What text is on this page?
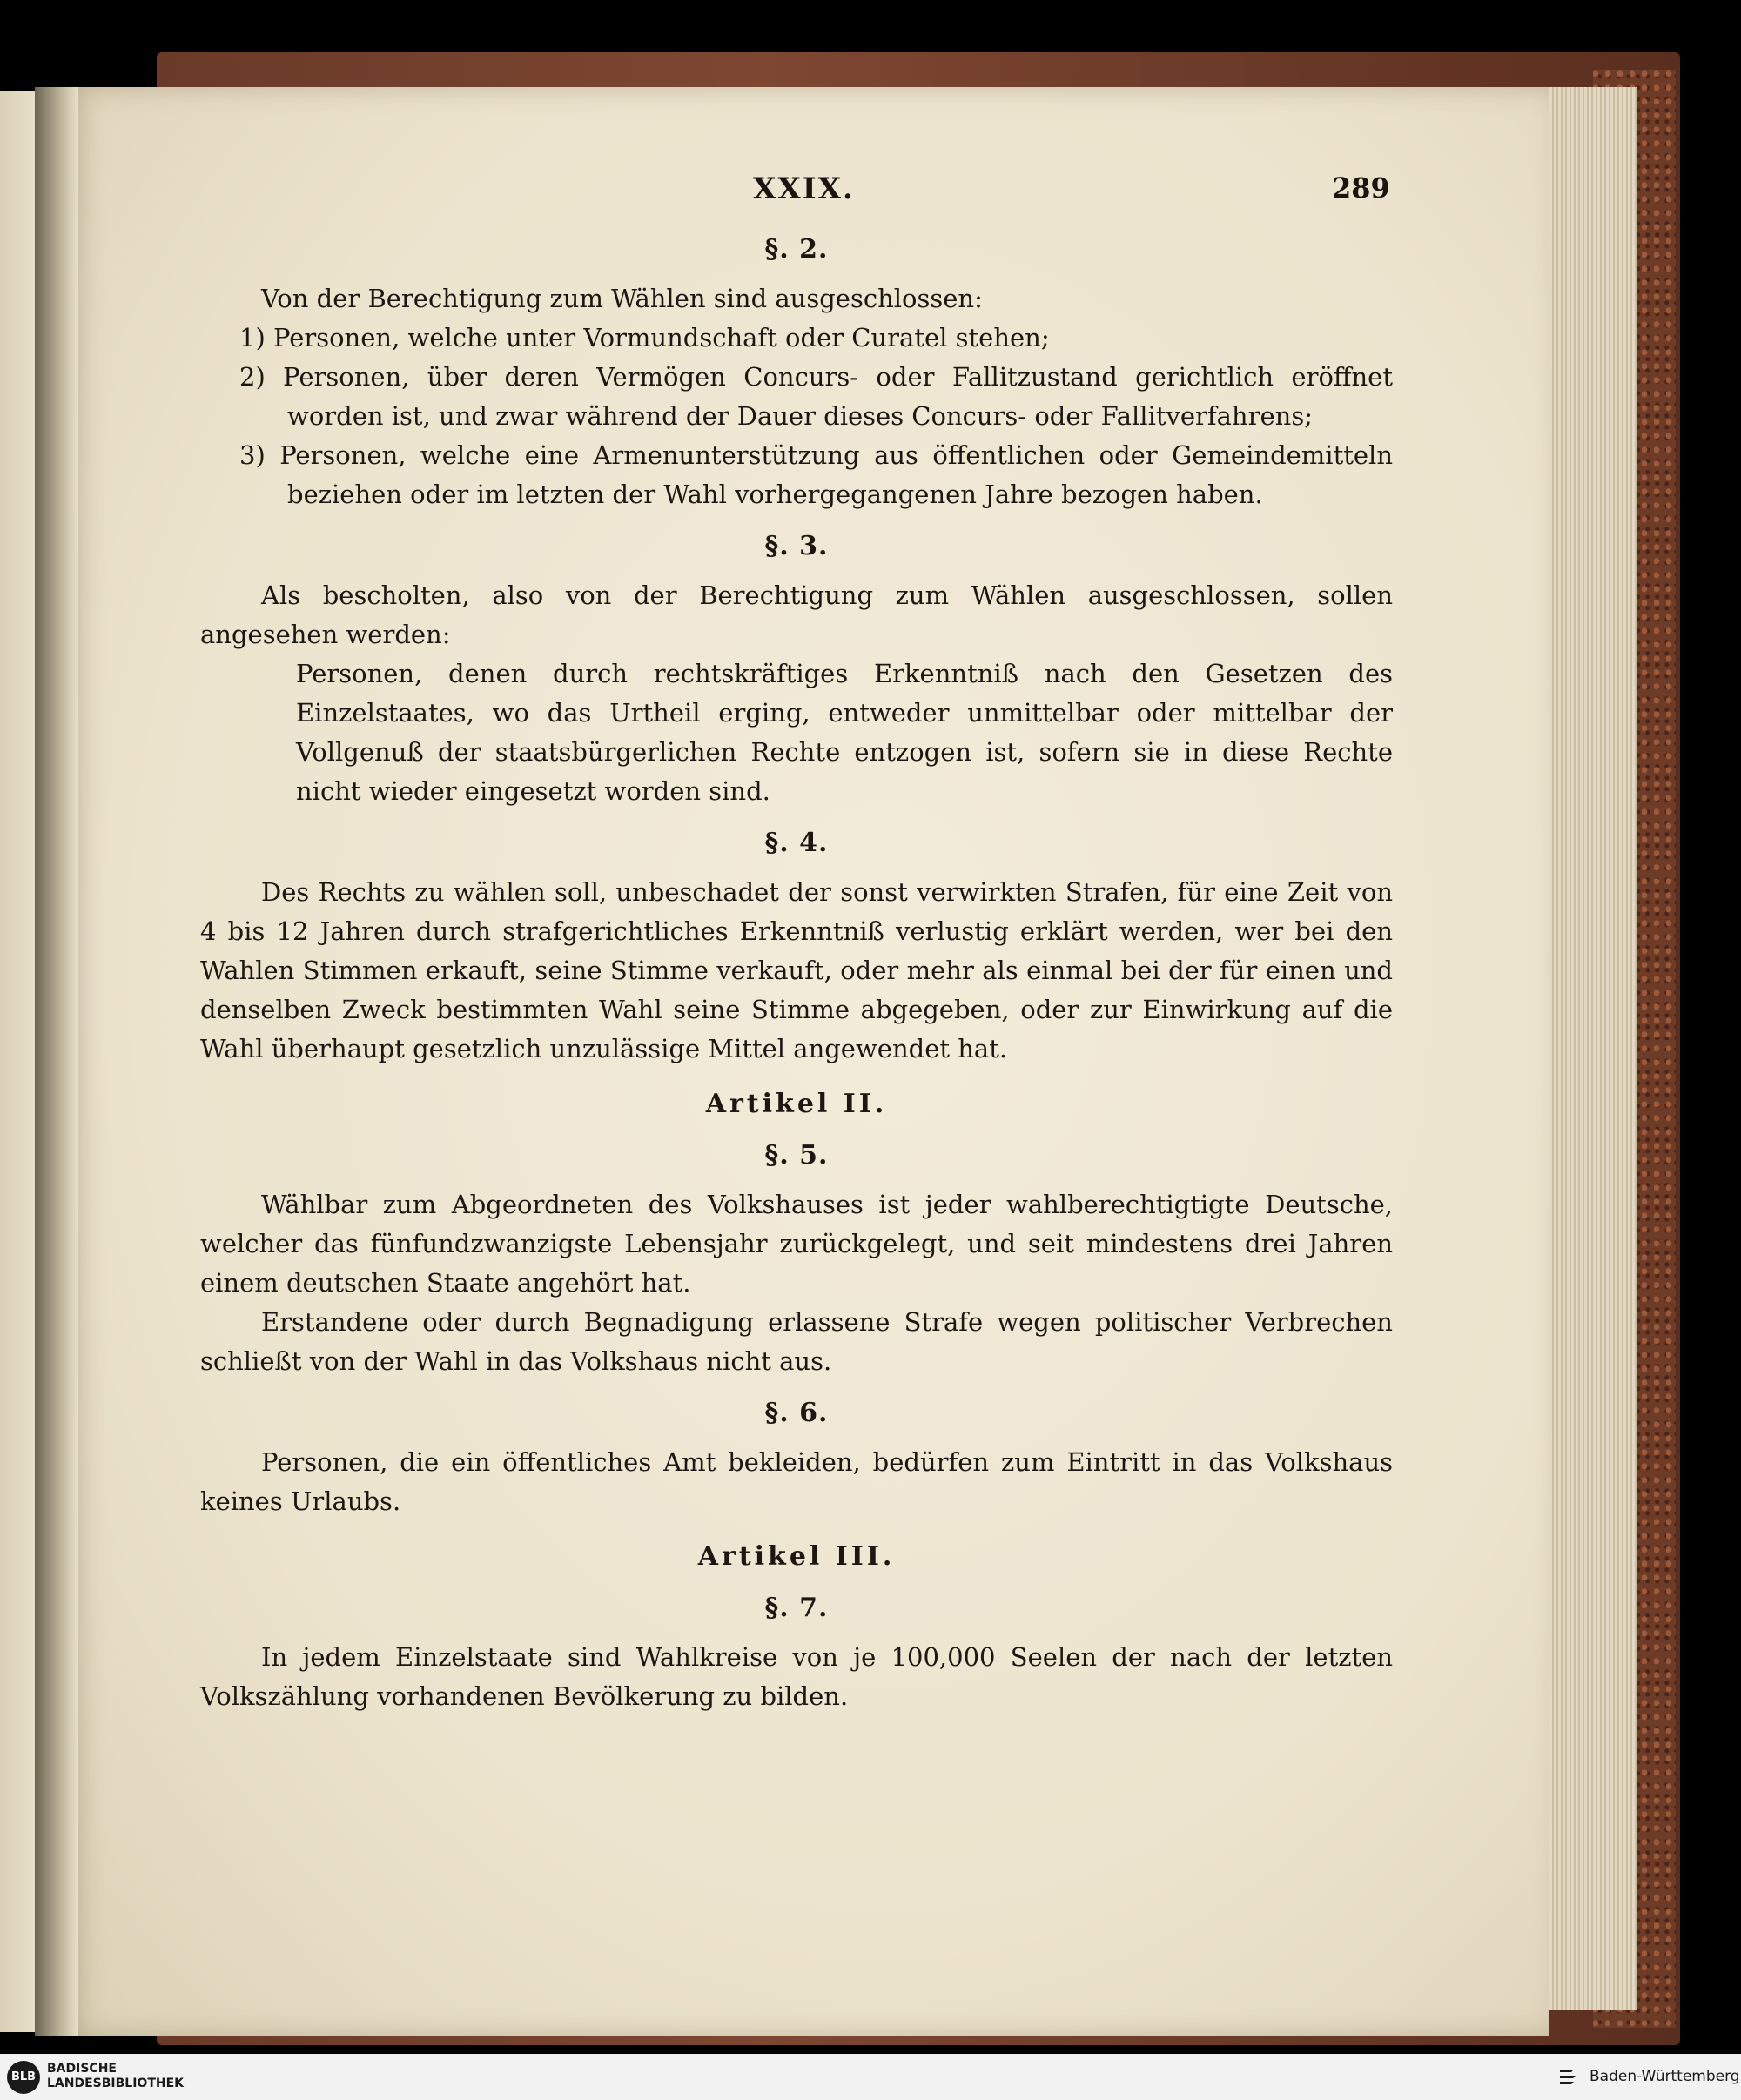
XXIX.	289
§. 2.

Von der Berechtigung zum Wählen sind ausgeschlossen:

1) Personen, welche unter Vormundschaft oder Curatel stehen;

2) Personen, über deren Vermögen Concurs- oder Fallitzustand gerichtlich eröffnet worden ist, und zwar während der Dauer dieses Concurs- oder Fallitverfahrens;

3) Personen, welche eine Armenunterstützung aus öffentlichen oder Gemeindemitteln beziehen oder im letzten der Wahl vorhergegangenen Jahre bezogen haben.

§. 3.

Als bescholten, also von der Berechtigung zum Wählen ausgeschlossen, sollen angesehen werden:

Personen, denen durch rechtskräftiges Erkenntniß nach den Gesetzen des Einzelstaates, wo das Urtheil erging, entweder unmittelbar oder mittelbar der Vollgenuß der staatsbürgerlichen Rechte entzogen ist, sofern sie in diese Rechte nicht wieder eingesetzt worden sind.

§. 4.

Des Rechts zu wählen soll, unbeschadet der sonst verwirkten Strafen, für eine Zeit von 4 bis 12 Jahren durch strafgerichtliches Erkenntniß verlustig erklärt werden, wer bei den Wahlen Stimmen erkauft, seine Stimme verkauft, oder mehr als einmal bei der für einen und denselben Zweck bestimmten Wahl seine Stimme abgegeben, oder zur Einwirkung auf die Wahl überhaupt gesetzlich unzulässige Mittel angewendet hat.

Artikel II.
§. 5.

Wählbar zum Abgeordneten des Volkshauses ist jeder wahlberechtigtigte Deutsche, welcher das fünfundzwanzigste Lebensjahr zurückgelegt, und seit mindestens drei Jahren einem deutschen Staate angehört hat.

Erstandene oder durch Begnadigung erlassene Strafe wegen politischer Verbrechen schließt von der Wahl in das Volkshaus nicht aus.

§. 6.

Personen, die ein öffentliches Amt bekleiden, bedürfen zum Eintritt in das Volkshaus keines Urlaubs.

Artikel III.
§. 7.

In jedem Einzelstaate sind Wahlkreise von je 100,000 Seelen der nach der letzten Volkszählung vorhandenen Bevölkerung zu bilden.

BLB
BADISCHE
LANDESBIBLIOTHEK	Baden-Württemberg
